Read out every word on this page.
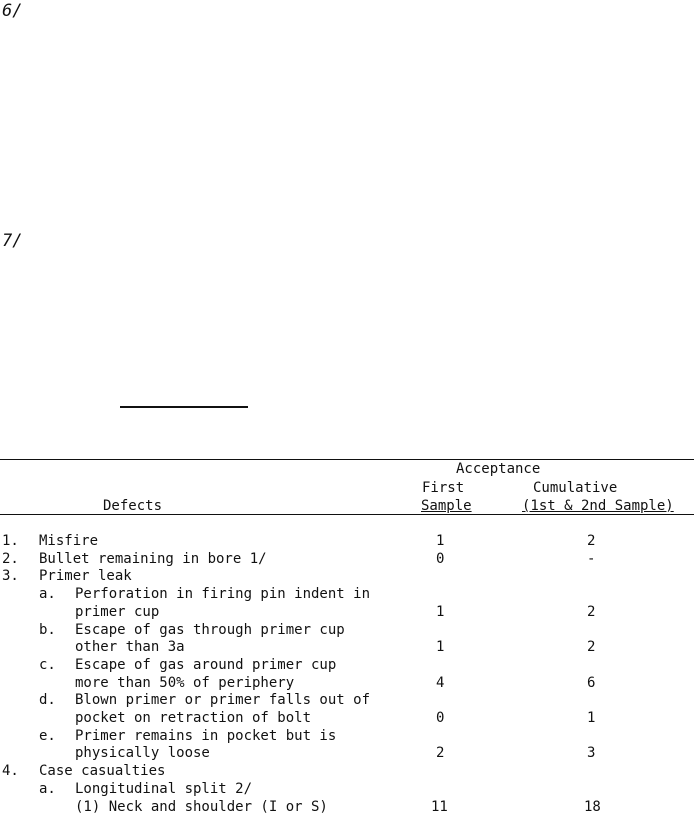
6/
7/
Acceptance
First	Cumulative
Defects	Sample	(1st & 2nd Sample)
1. Misfire	1	2
2. Bullet remaining in bore 1/	0	-
3. Primer leak
a. Perforation in firing pin indent in
primer cup	1	2
b. Escape of gas through primer cup
other than 3a	1	2
c. Escape of gas around primer cup
more than 50% of periphery	4	6
d. Blown primer or primer falls out of
pocket on retraction of bolt	0	1
e. Primer remains in pocket but is
physically loose	2	3
4. Case casualties
a. Longitudinal split 2/
(1) Neck and shoulder (I or S)	11	18
